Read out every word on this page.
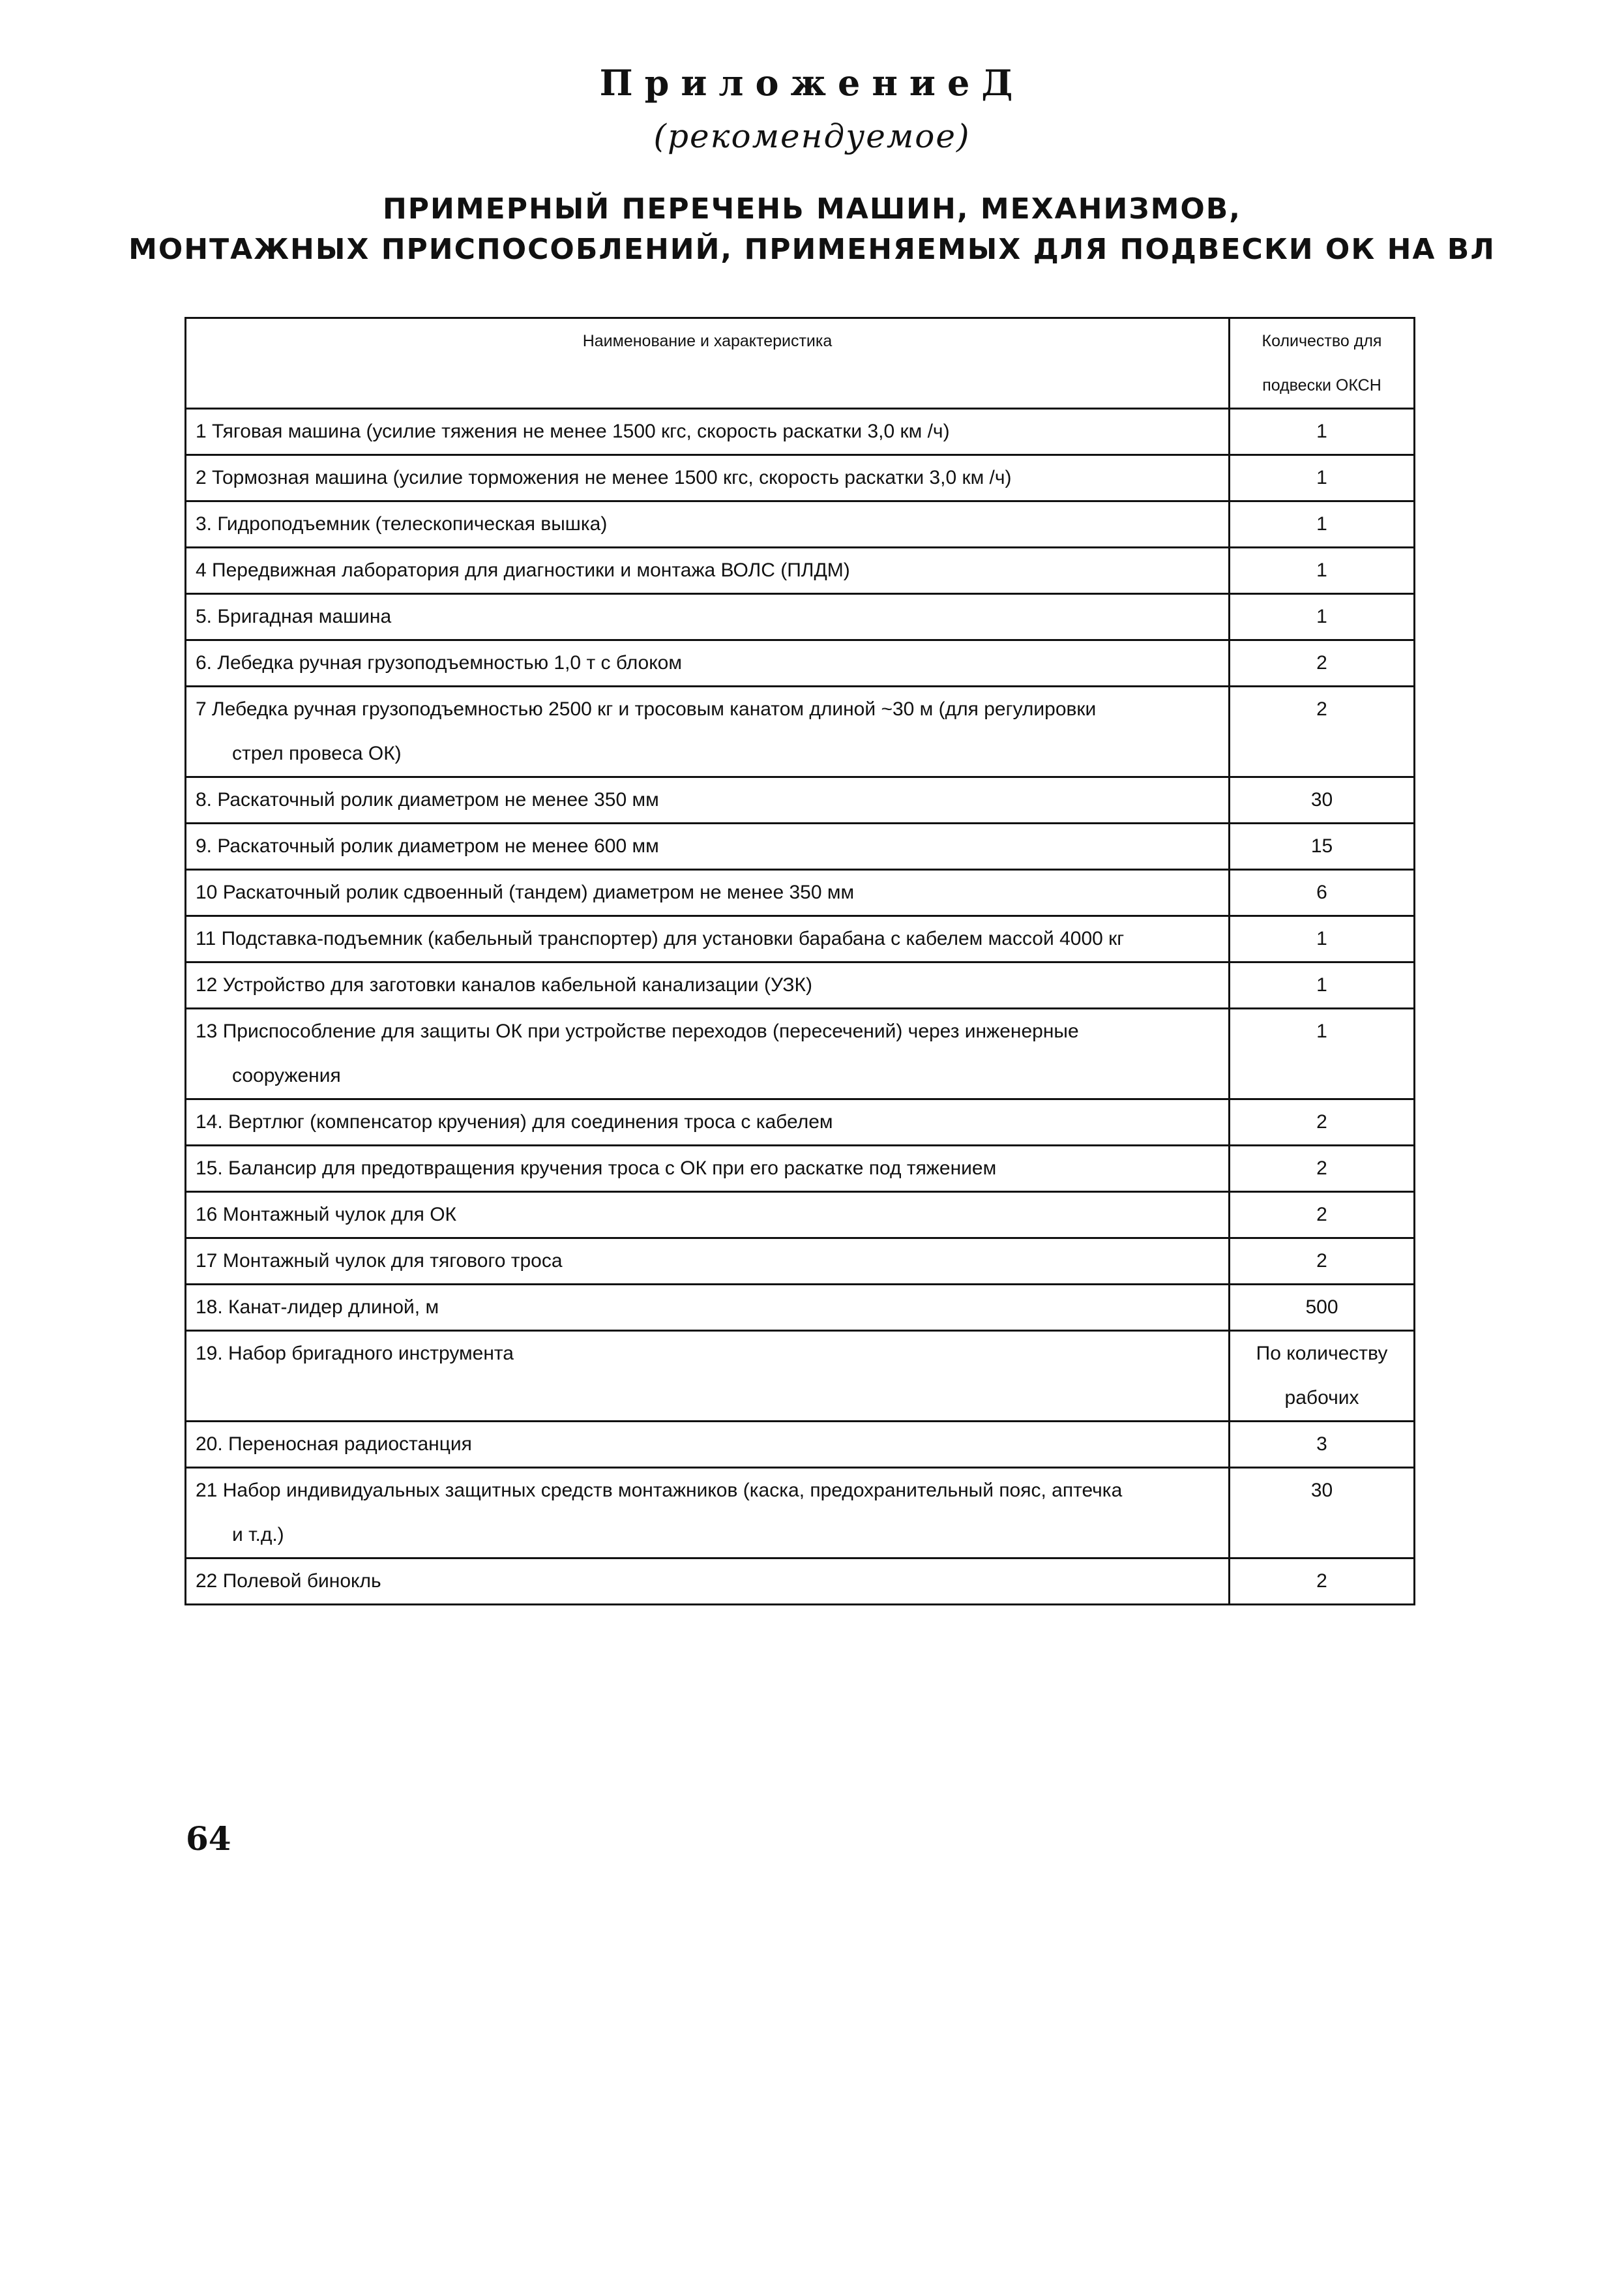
ПриложениеД
(рекомендуемое)
ПРИМЕРНЫЙ ПЕРЕЧЕНЬ МАШИН, МЕХАНИЗМОВ,
МОНТАЖНЫХ ПРИСПОСОБЛЕНИЙ, ПРИМЕНЯЕМЫХ ДЛЯ ПОДВЕСКИ ОК НА ВЛ
Наименование и характеристика	Количество для
подвески ОКСН

1 Тяговая машина (усилие тяжения не менее 1500 кгс, скорость раскатки 3,0 км /ч)	1

2 Тормозная машина (усилие торможения не менее 1500 кгс, скорость раскатки 3,0 км /ч)	1

3. Гидроподъемник (телескопическая вышка)	1

4 Передвижная лаборатория для диагностики и монтажа ВОЛС (ПЛДМ)	1

5. Бригадная машина	1

6. Лебедка ручная грузоподъемностью 1,0 т с блоком	2

7 Лебедка ручная грузоподъемностью 2500 кг и тросовым канатом длиной ~30 м (для регулировки
стрел провеса ОК)	2

8. Раскаточный ролик диаметром не менее 350 мм	30

9. Раскаточный ролик диаметром не менее 600 мм	15

10 Раскаточный ролик сдвоенный (тандем) диаметром не менее 350 мм	6

11 Подставка-подъемник (кабельный транспортер) для установки барабана с кабелем массой 4000 кг	1

12 Устройство для заготовки каналов кабельной канализации (УЗК)	1

13 Приспособление для защиты ОК при устройстве переходов (пересечений) через инженерные
сооружения	1

14. Вертлюг (компенсатор кручения) для соединения троса с кабелем	2

15. Балансир для предотвращения кручения троса с ОК при его раскатке под тяжением	2

16 Монтажный чулок для ОК	2

17 Монтажный чулок для тягового троса	2

18. Канат-лидер длиной, м	500

19. Набор бригадного инструмента	По количеству
рабочих

20. Переносная радиостанция	3

21 Набор индивидуальных защитных средств монтажников (каска, предохранительный пояс, аптечка
и т.д.)	30

22 Полевой бинокль	2
64
